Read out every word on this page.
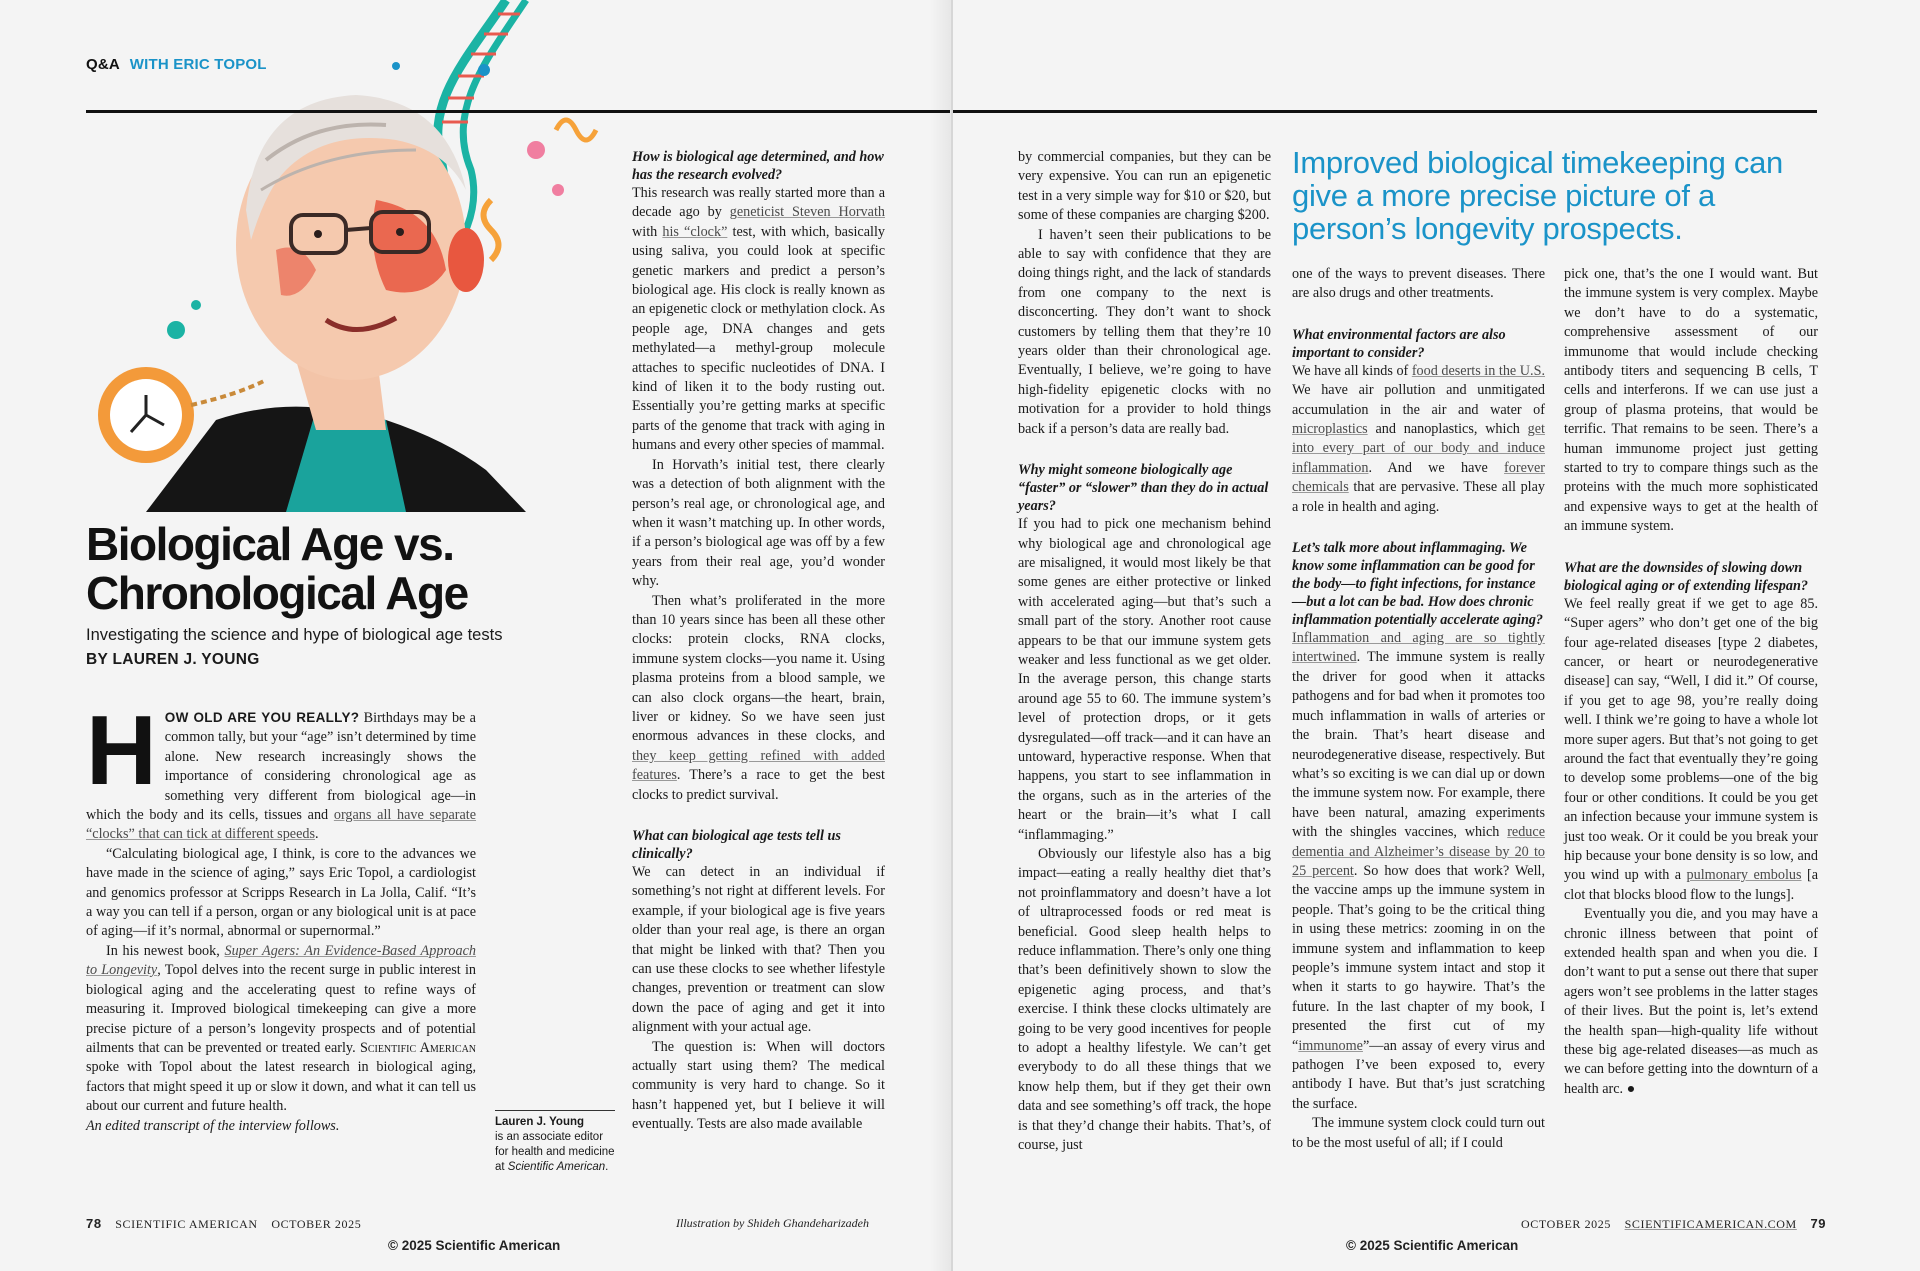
Q&A WITH ERIC TOPOL
Biological Age vs.
Chronological Age
Investigating the science and hype of biological age tests
BY LAUREN J. YOUNG

HOW OLD ARE YOU REALLY? Birthdays may be a common tally, but your “age” isn’t determined by time alone. New research increasingly shows the importance of considering chronological age as something very different from biological age—in which the body and its cells, tissues and organs all have separate “clocks” that can tick at different speeds.

“Calculating biological age, I think, is core to the advances we have made in the science of aging,” says Eric Topol, a cardiologist and genomics professor at Scripps Research in La Jolla, Calif. “It’s a way you can tell if a person, organ or any biological unit is at pace of aging—if it’s normal, abnormal or supernormal.”

In his newest book, Super Agers: An Evidence-Based Approach to Longevity, Topol delves into the recent surge in public interest in biological aging and the accelerating quest to refine ways of measuring it. Improved biological timekeeping can give a more precise picture of a person’s longevity prospects and of potential ailments that can be prevented or treated early. Scientific American spoke with Topol about the latest research in biological aging, factors that might speed it up or slow it down, and what it can tell us about our current and future health.

An edited transcript of the interview follows.	Lauren J. Young
is an associate editor for health and medicine at Scientific American.

How is biological age determined, and how has the research evolved?

This research was really started more than a decade ago by geneticist Steven Horvath with his “clock” test, with which, basically using saliva, you could look at specific genetic markers and predict a person’s biological age. His clock is really known as an epigenetic clock or methylation clock. As people age, DNA changes and gets methylated—a methyl-group molecule attaches to specific nucleotides of DNA. I kind of liken it to the body rusting out. Essentially you’re getting marks at specific parts of the genome that track with aging in humans and every other species of mammal.

In Horvath’s initial test, there clearly was a detection of both alignment with the person’s real age, or chronological age, and when it wasn’t matching up. In other words, if a person’s biological age was off by a few years from their real age, you’d wonder why.

Then what’s proliferated in the more than 10 years since has been all these other clocks: protein clocks, RNA clocks, immune system clocks—you name it. Using plasma proteins from a blood sample, we can also clock organs—the heart, brain, liver or kidney. So we have seen just enormous advances in these clocks, and they keep getting refined with added features. There’s a race to get the best clocks to predict survival.

What can biological age tests tell us clinically?

We can detect in an individual if something’s not right at different levels. For example, if your biological age is five years older than your real age, is there an organ that might be linked with that? Then you can use these clocks to see whether lifestyle changes, prevention or treatment can slow down the pace of aging and get it into alignment with your actual age.

The question is: When will doctors actually start using them? The medical community is very hard to change. So it hasn’t happened yet, but I believe it will eventually. Tests are also made available

78 SCIENTIFIC AMERICAN OCTOBER 2025	Illustration by Shideh Ghandeharizadeh
© 2025 Scientific American

by commercial companies, but they can be very expensive. You can run an epigenetic test in a very simple way for $10 or $20, but some of these companies are charging $200.

I haven’t seen their publications to be able to say with confidence that they are doing things right, and the lack of standards from one company to the next is disconcerting. They don’t want to shock customers by telling them that they’re 10 years older than their chronological age. Eventually, I believe, we’re going to have high-fidelity epigenetic clocks with no motivation for a provider to hold things back if a person’s data are really bad.

Why might someone biologically age “faster” or “slower” than they do in actual years?

If you had to pick one mechanism behind why biological age and chronological age are misaligned, it would most likely be that some genes are either protective or linked with accelerated aging—but that’s such a small part of the story. Another root cause appears to be that our immune system gets weaker and less functional as we get older. In the average person, this change starts around age 55 to 60. The immune system’s level of protection drops, or it gets dysregulated—off track—and it can have an untoward, hyperactive response. When that happens, you start to see inflammation in the organs, such as in the arteries of the heart or the brain—it’s what I call “inflammaging.”

Obviously our lifestyle also has a big impact—eating a really healthy diet that’s not proinflammatory and doesn’t have a lot of ultraprocessed foods or red meat is beneficial. Good sleep health helps to reduce inflammation. There’s only one thing that’s been definitively shown to slow the epigenetic aging process, and that’s exercise. I think these clocks ultimately are going to be very good incentives for people to adopt a healthy lifestyle. We can’t get everybody to do all these things that we know help them, but if they get their own data and see something’s off track, the hope is that they’d change their habits. That’s, of course, just

one of the ways to prevent diseases. There are also drugs and other treatments.

What environmental factors are also important to consider?

We have all kinds of food deserts in the U.S. We have air pollution and unmitigated accumulation in the air and water of microplastics and nanoplastics, which get into every part of our body and induce inflammation. And we have forever chemicals that are pervasive. These all play a role in health and aging.

Let’s talk more about inflammaging. We know some inflammation can be good for the body—to fight infections, for instance—but a lot can be bad. How does chronic inflammation potentially accelerate aging?

Inflammation and aging are so tightly intertwined. The immune system is really the driver for good when it attacks pathogens and for bad when it promotes too much inflammation in walls of arteries or the brain. That’s heart disease and neurodegenerative disease, respectively. But what’s so exciting is we can dial up or down the immune system now. For example, there have been natural, amazing experiments with the shingles vaccines, which reduce dementia and Alzheimer’s disease by 20 to 25 percent. So how does that work? Well, the vaccine amps up the immune system in people. That’s going to be the critical thing in using these metrics: zooming in on the immune system and inflammation to keep people’s immune system intact and stop it when it starts to go haywire. That’s the future. In the last chapter of my book, I presented the first cut of my “immunome”—an assay of every virus and pathogen I’ve been exposed to, every antibody I have. But that’s just scratching the surface.

The immune system clock could turn out to be the most useful of all; if I could

Improved biological timekeeping can give a more precise picture of a person’s longevity prospects.

pick one, that’s the one I would want. But the immune system is very complex. Maybe we don’t have to do a systematic, comprehensive assessment of our immunome that would include checking antibody titers and sequencing B cells, T cells and interferons. If we can use just a group of plasma proteins, that would be terrific. That remains to be seen. There’s a human immunome project just getting started to try to compare things such as the proteins with the much more sophisticated and expensive ways to get at the health of an immune system.

What are the downsides of slowing down biological aging or of extending lifespan?

We feel really great if we get to age 85. “Super agers” who don’t get one of the big four age-related diseases [type 2 diabetes, cancer, or heart or neurodegenerative disease] can say, “Well, I did it.” Of course, if you get to age 98, you’re really doing well. I think we’re going to have a whole lot more super agers. But that’s not going to get around the fact that eventually they’re going to develop some problems—one of the big four or other conditions. It could be you get an infection because your immune system is just too weak. Or it could be you break your hip because your bone density is so low, and you wind up with a pulmonary embolus [a clot that blocks blood flow to the lungs].

Eventually you die, and you may have a chronic illness between that point of extended health span and when you die. I don’t want to put a sense out there that super agers won’t see problems in the latter stages of their lives. But the point is, let’s extend the health span—high-quality life without these big age-related diseases—as much as we can before getting into the downturn of a health arc. ●

OCTOBER 2025 SCIENTIFICAMERICAN.COM 79
© 2025 Scientific American
